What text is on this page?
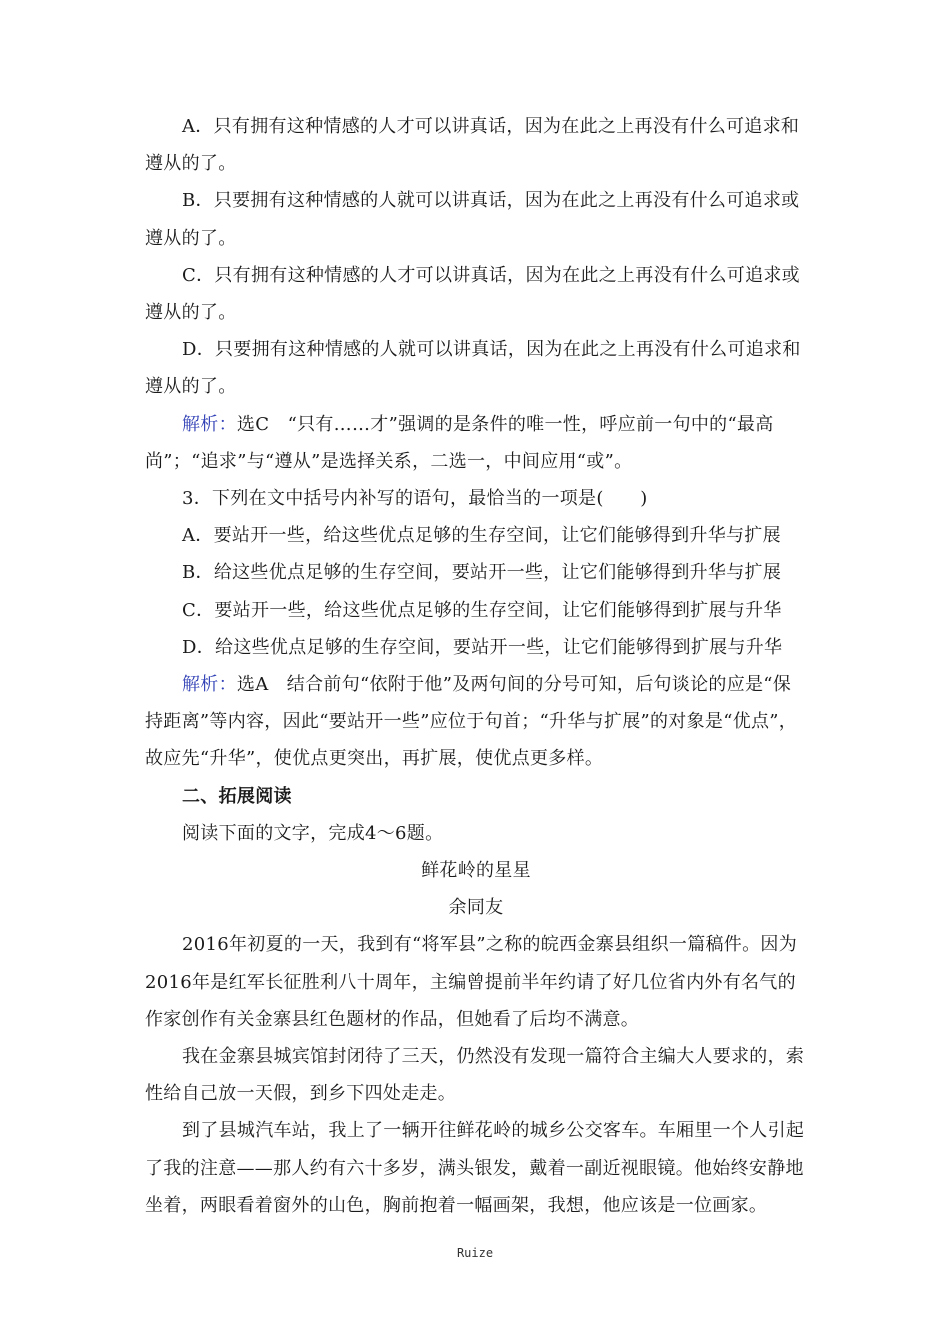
A．只有拥有这种情感的人才可以讲真话，因为在此之上再没有什么可追求和遵从的了。

B．只要拥有这种情感的人就可以讲真话，因为在此之上再没有什么可追求或遵从的了。

C．只有拥有这种情感的人才可以讲真话，因为在此之上再没有什么可追求或遵从的了。

D．只要拥有这种情感的人就可以讲真话，因为在此之上再没有什么可追求和遵从的了。

解析：选C　“只有……才”强调的是条件的唯一性，呼应前一句中的“最高尚”；“追求”与“遵从”是选择关系，二选一，中间应用“或”。

3．下列在文中括号内补写的语句，最恰当的一项是(　　)

A．要站开一些，给这些优点足够的生存空间，让它们能够得到升华与扩展

B．给这些优点足够的生存空间，要站开一些，让它们能够得到升华与扩展

C．要站开一些，给这些优点足够的生存空间，让它们能够得到扩展与升华

D．给这些优点足够的生存空间，要站开一些，让它们能够得到扩展与升华

解析：选A　结合前句“依附于他”及两句间的分号可知，后句谈论的应是“保持距离”等内容，因此“要站开一些”应位于句首；“升华与扩展”的对象是“优点”，故应先“升华”，使优点更突出，再扩展，使优点更多样。

二、拓展阅读

阅读下面的文字，完成4～6题。

鲜花岭的星星

余同友

2016年初夏的一天，我到有“将军县”之称的皖西金寨县组织一篇稿件。因为2016年是红军长征胜利八十周年，主编曾提前半年约请了好几位省内外有名气的作家创作有关金寨县红色题材的作品，但她看了后均不满意。

我在金寨县城宾馆封闭待了三天，仍然没有发现一篇符合主编大人要求的，索性给自己放一天假，到乡下四处走走。

到了县城汽车站，我上了一辆开往鲜花岭的城乡公交客车。车厢里一个人引起了我的注意——那人约有六十多岁，满头银发，戴着一副近视眼镜。他始终安静地坐着，两眼看着窗外的山色，胸前抱着一幅画架，我想，他应该是一位画家。

Ruize
